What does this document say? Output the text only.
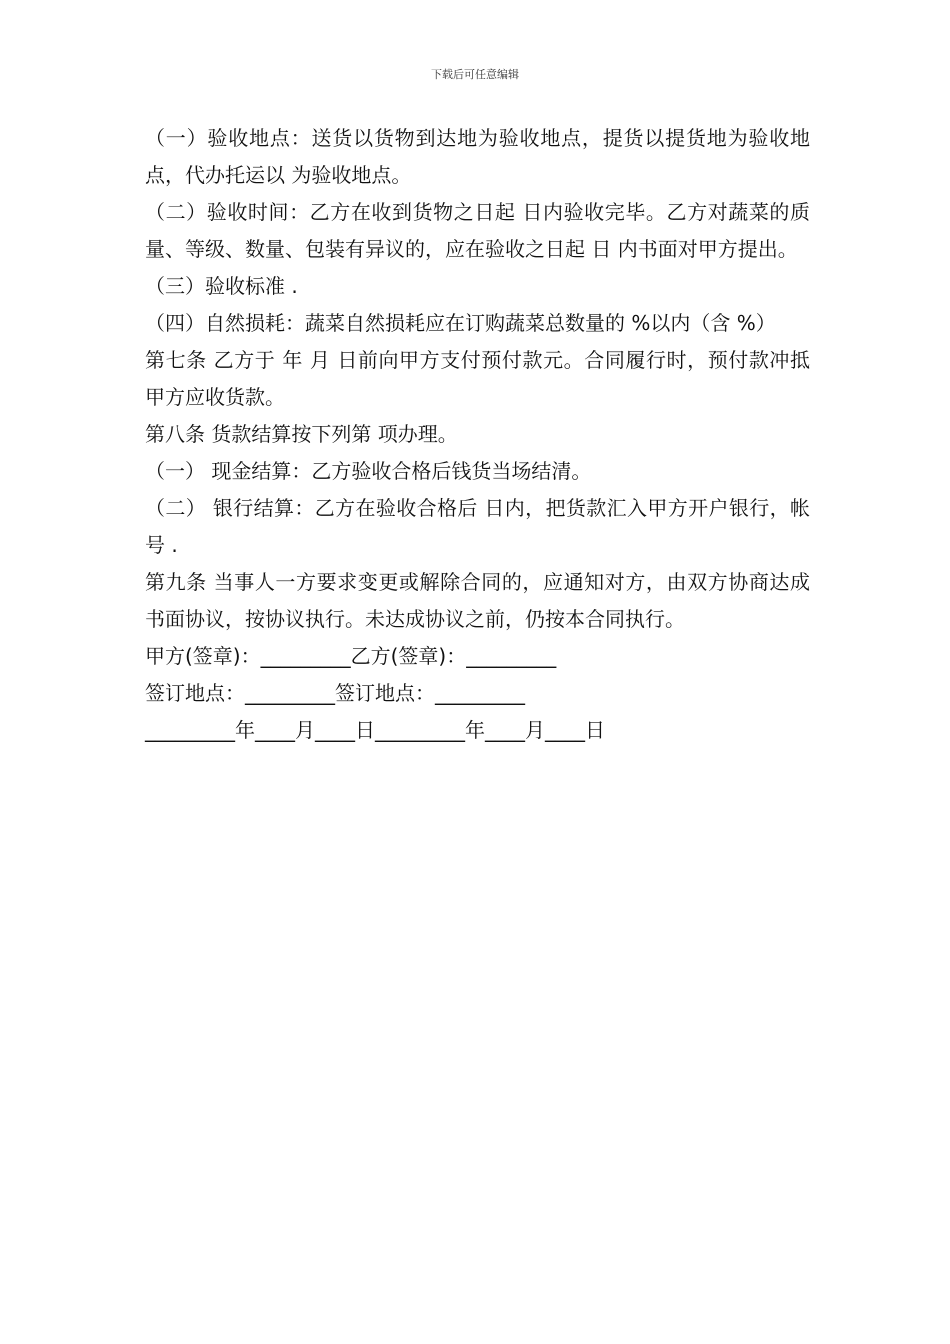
下载后可任意编辑

（一）验收地点：送货以货物到达地为验收地点，提货以提货地为验收地点，代办托运以 为验收地点。

（二）验收时间：乙方在收到货物之日起 日内验收完毕。乙方对蔬菜的质量、等级、数量、包装有异议的，应在验收之日起 日 内书面对甲方提出。

（三）验收标准 .

（四）自然损耗：蔬菜自然损耗应在订购蔬菜总数量的 %以内（含 %）

第七条 乙方于 年 月 日前向甲方支付预付款元。合同履行时，预付款冲抵甲方应收货款。

第八条 货款结算按下列第 项办理。

（一） 现金结算：乙方验收合格后钱货当场结清。

（二） 银行结算：乙方在验收合格后 日内，把货款汇入甲方开户银行，帐号 .

第九条 当事人一方要求变更或解除合同的，应通知对方，由双方协商达成书面协议，按协议执行。未达成协议之前，仍按本合同执行。

甲方(签章)：_________乙方(签章)：_________

签订地点：_________签订地点：_________

_________年____月____日_________年____月____日
